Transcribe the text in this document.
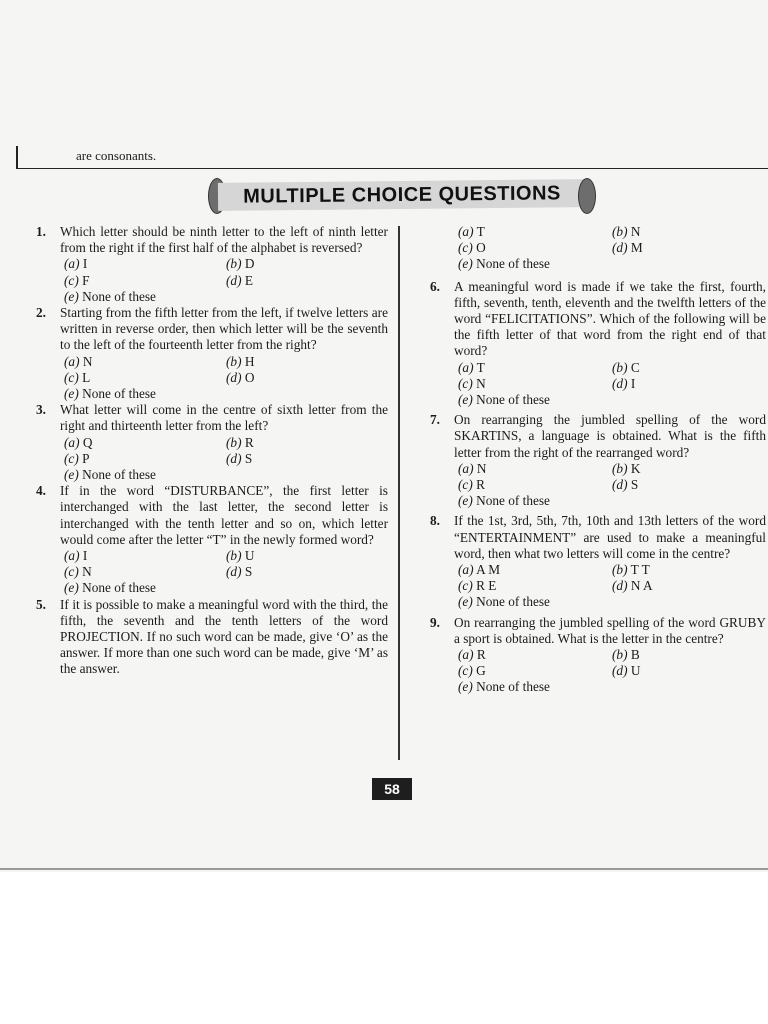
are consonants.
MULTIPLE CHOICE QUESTIONS
1. Which letter should be ninth letter to the left of ninth letter from the right if the first half of the alphabet is reversed?
(a) I	(b) D
(c) F	(d) E
(e) None of these
2. Starting from the fifth letter from the left, if twelve letters are written in reverse order, then which letter will be the seventh to the left of the fourteenth letter from the right?
(a) N	(b) H
(c) L	(d) O
(e) None of these
3. What letter will come in the centre of sixth letter from the right and thirteenth letter from the left?
(a) Q	(b) R
(c) P	(d) S
(e) None of these
4. If in the word “DISTURBANCE”, the first letter is interchanged with the last letter, the second letter is interchanged with the tenth letter and so on, which letter would come after the letter “T” in the newly formed word?
(a) I	(b) U
(c) N	(d) S
(e) None of these
5. If it is possible to make a meaningful word with the third, the fifth, the seventh and the tenth letters of the word PROJECTION. If no such word can be made, give ‘O’ as the answer. If more than one such word can be made, give ‘M’ as the answer.
(a) T	(b) N
(c) O	(d) M
(e) None of these
6. A meaningful word is made if we take the first, fourth, fifth, seventh, tenth, eleventh and the twelfth letters of the word “FELICITATIONS”. Which of the following will be the fifth letter of that word from the right end of that word?
(a) T	(b) C
(c) N	(d) I
(e) None of these
7. On rearranging the jumbled spelling of the word SKARTINS, a language is obtained. What is the fifth letter from the right of the rearranged word?
(a) N	(b) K
(c) R	(d) S
(e) None of these
8. If the 1st, 3rd, 5th, 7th, 10th and 13th letters of the word “ENTERTAINMENT” are used to make a meaningful word, then what two letters will come in the centre?
(a) A M	(b) T T
(c) R E	(d) N A
(e) None of these
9. On rearranging the jumbled spelling of the word GRUBY a sport is obtained. What is the letter in the centre?
(a) R	(b) B
(c) G	(d) U
(e) None of these
58
